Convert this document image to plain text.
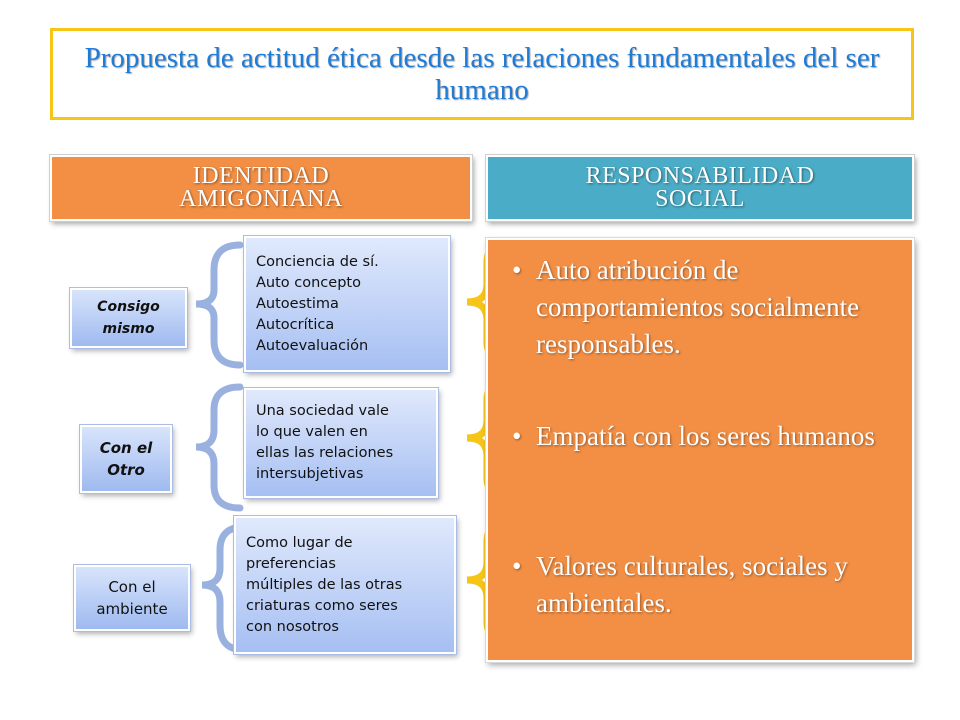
Propuesta de actitud ética desde las relaciones fundamentales del ser humano
IDENTIDAD AMIGONIANA
RESPONSABILIDAD SOCIAL
Consigo mismo
Con el Otro
Con el ambiente
Conciencia de sí.
Auto concepto
Autoestima
Autocrítica
Autoevaluación
Una sociedad vale
lo que valen en
ellas las relaciones
intersubjetivas
Como lugar de
preferencias
múltiples de las otras
criaturas como seres
con nosotros
• Auto atribución de comportamientos socialmente responsables.
• Empatía con los seres humanos
• Valores culturales, sociales y ambientales.
